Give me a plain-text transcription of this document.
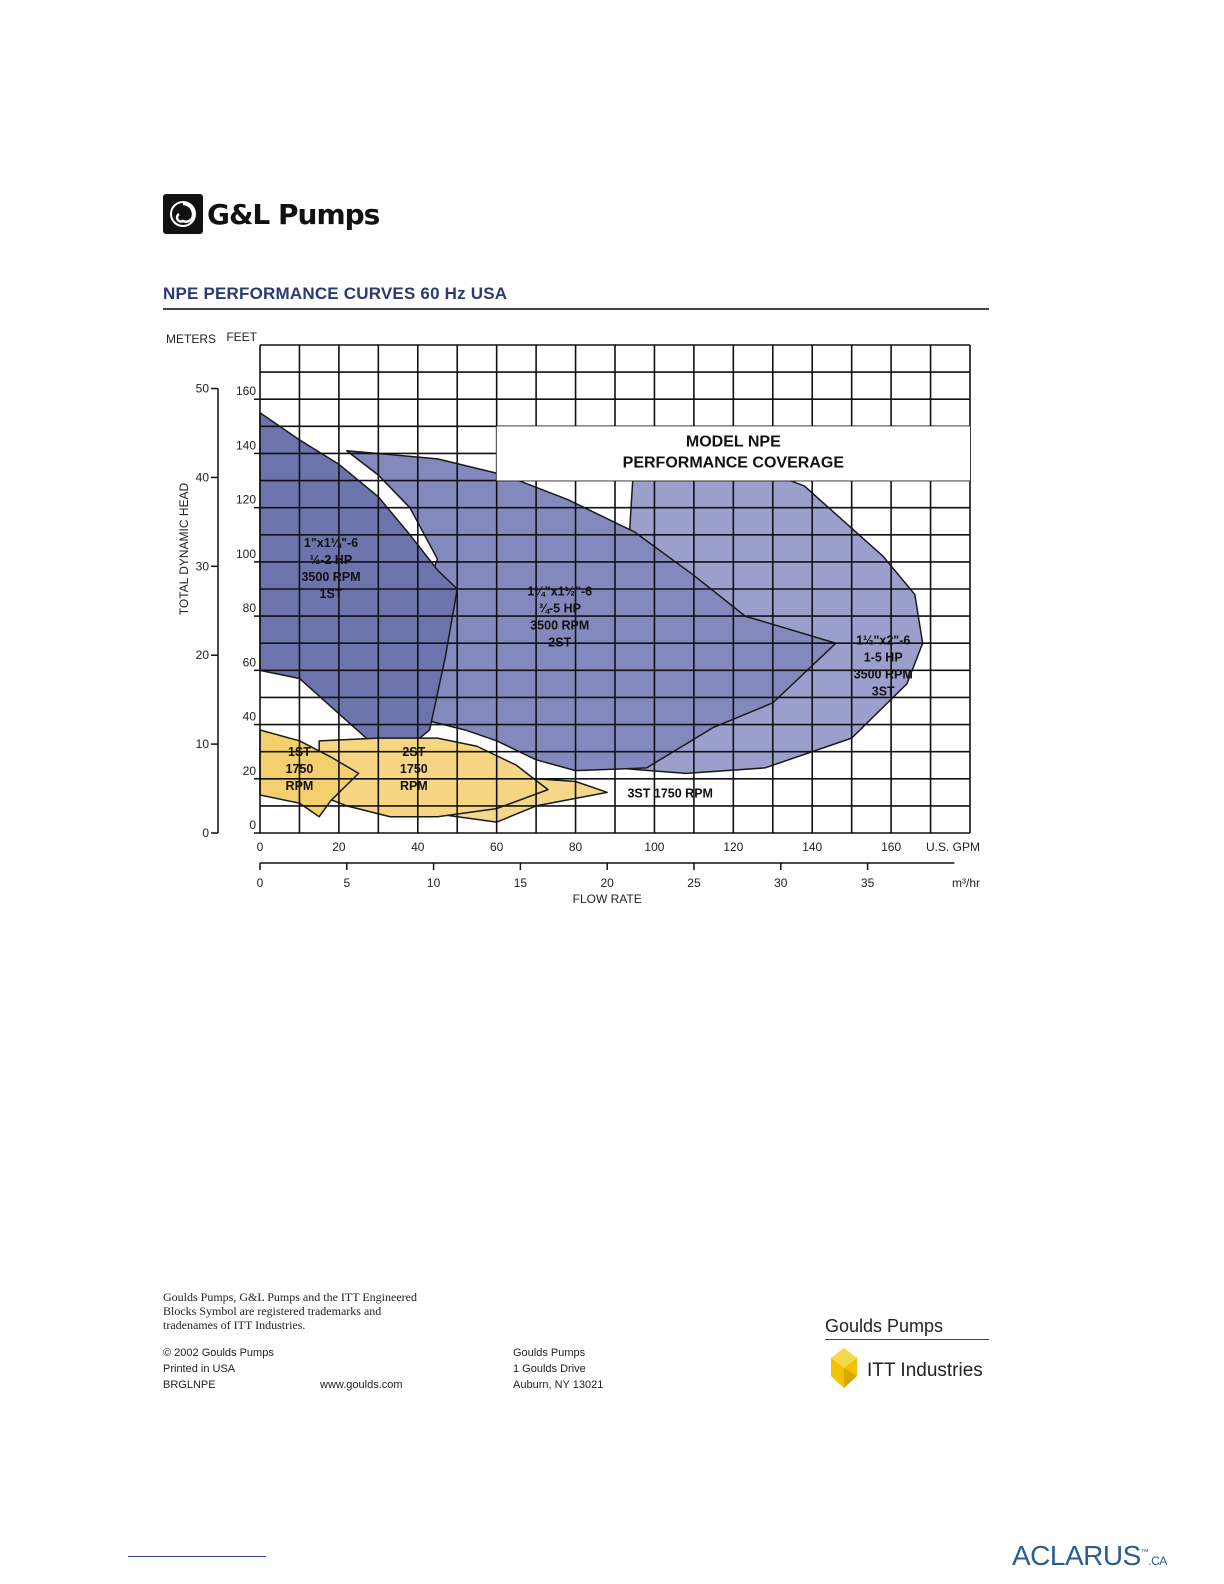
G&L Pumps
NPE PERFORMANCE CURVES 60 Hz USA
MODEL NPE
PERFORMANCE COVERAGE
1½"x2"-6
1-5 HP
3500 RPM
3ST
1¼"x1½"-6
¾-5 HP
3500 RPM
2ST
1"x1¼"-6
½-2 HP
3500 RPM
1ST
3ST 1750 RPM
2ST
1750
RPM
1ST
1750
RPM
0
20
40
60
80
100
120
140
160
FEET
0
10
20
30
40
50
METERS
TOTAL DYNAMIC HEAD
0	20	40	60	80	100	120	140	160 U.S. GPM
0	5	10	15	20	25	30	35	m³/hr
FLOW RATE

Goulds Pumps, G&L Pumps and the ITT Engineered

Blocks Symbol are registered trademarks and

tradenames of ITT Industries.

© 2002 Goulds Pumps

Printed in USA

BRGLNPE	www.goulds.com

Goulds Pumps

1 Goulds Drive

Auburn, NY 13021

Goulds Pumps
ITT Industries
ACLARUS™.CA
